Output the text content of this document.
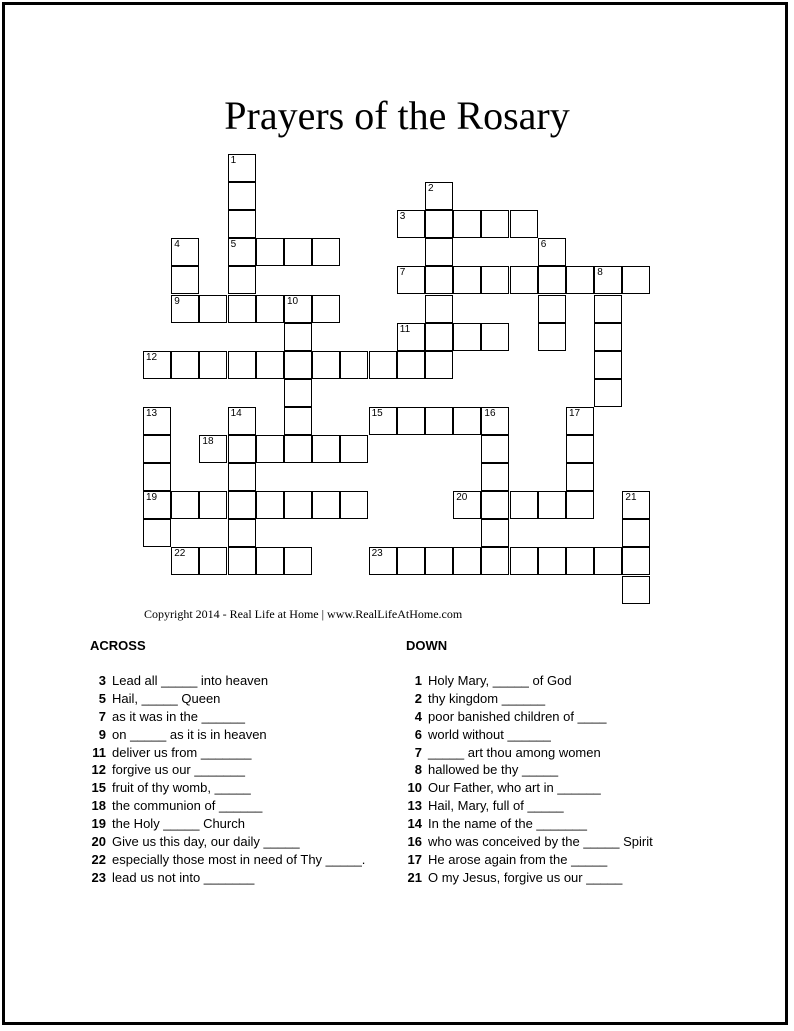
Prayers of the Rosary
1
5
2
3
4
9
6
7	8
10
11
12
13
19
14	15	16	17
18
20	21
22	23
Copyright 2014 - Real Life at Home | www.RealLifeAtHome.com
ACROSS
3 Lead all _____ into heaven
5 Hail, _____ Queen
7 as it was in the ______
9 on _____ as it is in heaven
11 deliver us from _______
12 forgive us our _______
15 fruit of thy womb, _____
18 the communion of ______
19 the Holy _____ Church
20 Give us this day, our daily _____
22 especially those most in need of Thy _____.
23 lead us not into _______
DOWN
1 Holy Mary, _____ of God
2 thy kingdom ______
4 poor banished children of ____
6 world without ______
7 _____ art thou among women
8 hallowed be thy _____
10 Our Father, who art in ______
13 Hail, Mary, full of _____
14 In the name of the _______
16 who was conceived by the _____ Spirit
17 He arose again from the _____
21 O my Jesus, forgive us our _____
